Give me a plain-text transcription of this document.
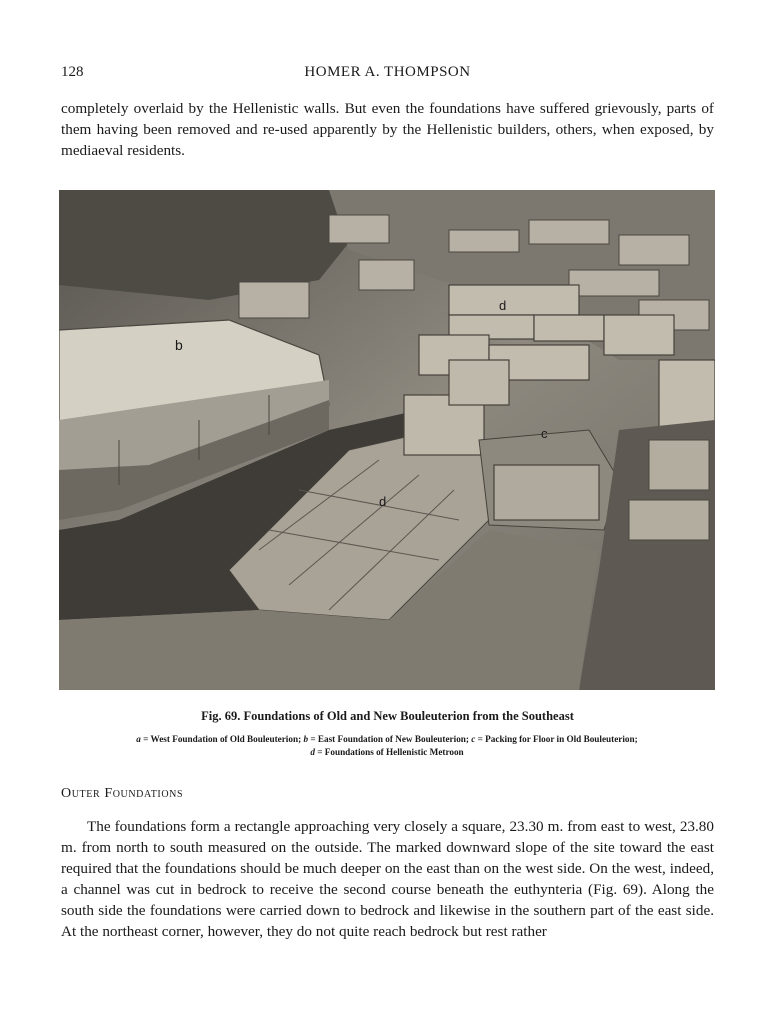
128	HOMER A. THOMPSON

completely overlaid by the Hellenistic walls. But even the foundations have suffered grievously, parts of them having been removed and re-used apparently by the Hellenistic builders, others, when exposed, by mediaeval residents.

b
d
d
c
Fig. 69. Foundations of Old and New Bouleuterion from the Southeast
a = West Foundation of Old Bouleuterion; b = East Foundation of New Bouleuterion; c = Packing for Floor in Old Bouleuterion;
d = Foundations of Hellenistic Metroon
Outer Foundations

The foundations form a rectangle approaching very closely a square, 23.30 m. from east to west, 23.80 m. from north to south measured on the outside. The marked downward slope of the site toward the east required that the foundations should be much deeper on the east than on the west side. On the west, indeed, a channel was cut in bedrock to receive the second course beneath the euthynteria (Fig. 69). Along the south side the foundations were carried down to bedrock and likewise in the southern part of the east side. At the northeast corner, however, they do not quite reach bedrock but rest rather
